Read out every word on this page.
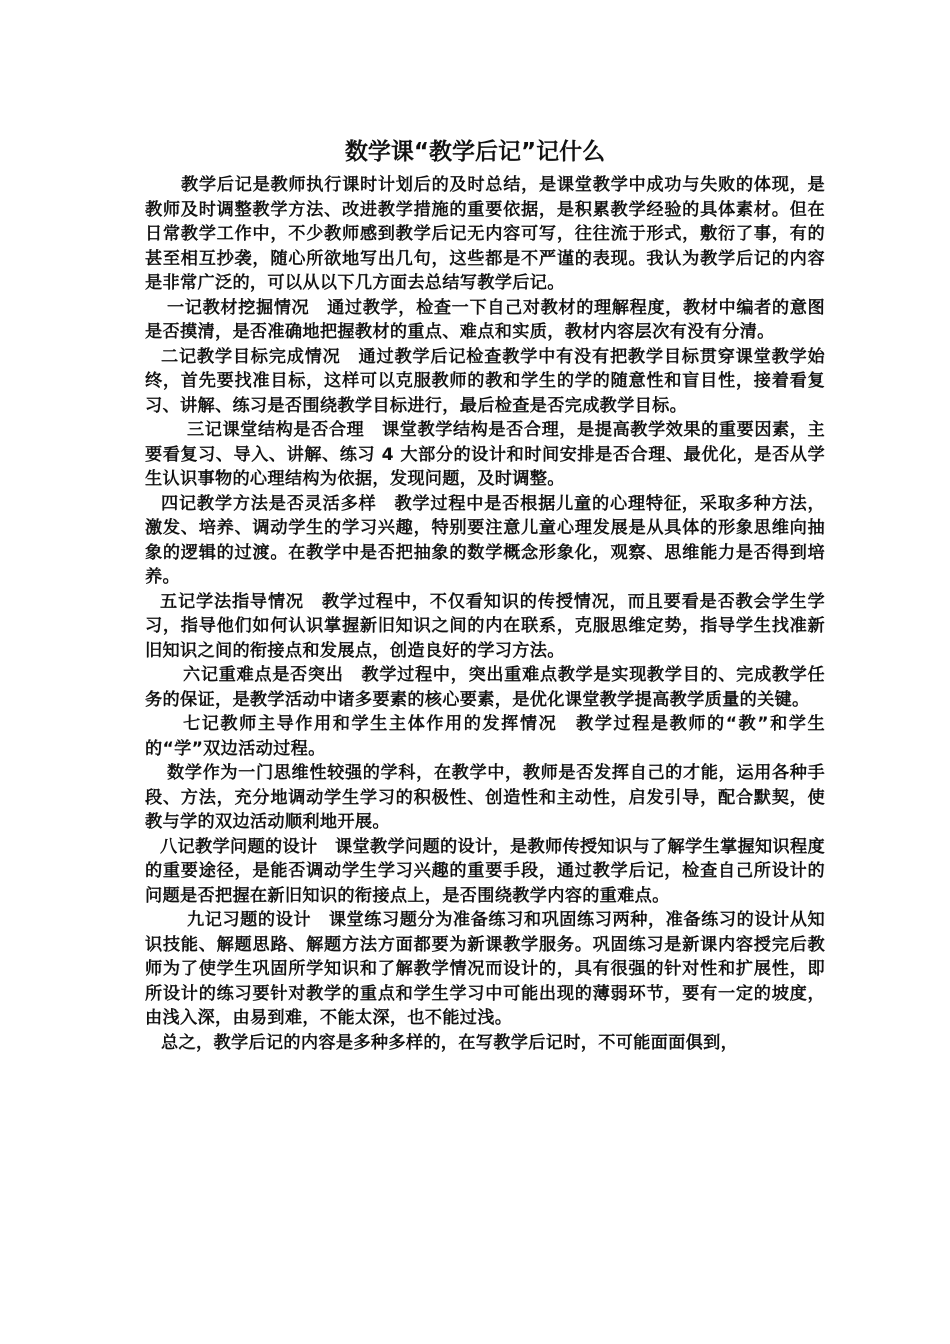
数学课“教学后记”记什么

教学后记是教师执行课时计划后的及时总结，是课堂教学中成功与失败的体现，是教师及时调整教学方法、改进教学措施的重要依据，是积累教学经验的具体素材。但在日常教学工作中，不少教师感到教学后记无内容可写，往往流于形式，敷衍了事，有的甚至相互抄袭，随心所欲地写出几句，这些都是不严谨的表现。我认为教学后记的内容是非常广泛的，可以从以下几方面去总结写教学后记。

一记教材挖掘情况　通过教学，检查一下自己对教材的理解程度，教材中编者的意图是否摸清，是否准确地把握教材的重点、难点和实质，教材内容层次有没有分清。

二记教学目标完成情况　通过教学后记检查教学中有没有把教学目标贯穿课堂教学始终，首先要找准目标，这样可以克服教师的教和学生的学的随意性和盲目性，接着看复习、讲解、练习是否围绕教学目标进行，最后检查是否完成教学目标。

三记课堂结构是否合理　课堂教学结构是否合理，是提高教学效果的重要因素，主要看复习、导入、讲解、练习 4 大部分的设计和时间安排是否合理、最优化，是否从学生认识事物的心理结构为依据，发现问题，及时调整。

四记教学方法是否灵活多样　教学过程中是否根据儿童的心理特征，采取多种方法，激发、培养、调动学生的学习兴趣，特别要注意儿童心理发展是从具体的形象思维向抽象的逻辑的过渡。在教学中是否把抽象的数学概念形象化，观察、思维能力是否得到培养。

五记学法指导情况　教学过程中，不仅看知识的传授情况，而且要看是否教会学生学习，指导他们如何认识掌握新旧知识之间的内在联系，克服思维定势，指导学生找准新旧知识之间的衔接点和发展点，创造良好的学习方法。

六记重难点是否突出　教学过程中，突出重难点教学是实现教学目的、完成教学任务的保证，是教学活动中诸多要素的核心要素，是优化课堂教学提高教学质量的关键。

七记教师主导作用和学生主体作用的发挥情况　教学过程是教师的“教”和学生的“学”双边活动过程。

数学作为一门思维性较强的学科，在教学中，教师是否发挥自己的才能，运用各种手段、方法，充分地调动学生学习的积极性、创造性和主动性，启发引导，配合默契，使教与学的双边活动顺利地开展。

八记教学问题的设计　课堂教学问题的设计，是教师传授知识与了解学生掌握知识程度的重要途径，是能否调动学生学习兴趣的重要手段，通过教学后记，检查自己所设计的问题是否把握在新旧知识的衔接点上，是否围绕教学内容的重难点。

九记习题的设计　课堂练习题分为准备练习和巩固练习两种，准备练习的设计从知识技能、解题思路、解题方法方面都要为新课教学服务。巩固练习是新课内容授完后教师为了使学生巩固所学知识和了解教学情况而设计的，具有很强的针对性和扩展性，即所设计的练习要针对教学的重点和学生学习中可能出现的薄弱环节，要有一定的坡度，由浅入深，由易到难，不能太深，也不能过浅。

总之，教学后记的内容是多种多样的，在写教学后记时，不可能面面俱到，
